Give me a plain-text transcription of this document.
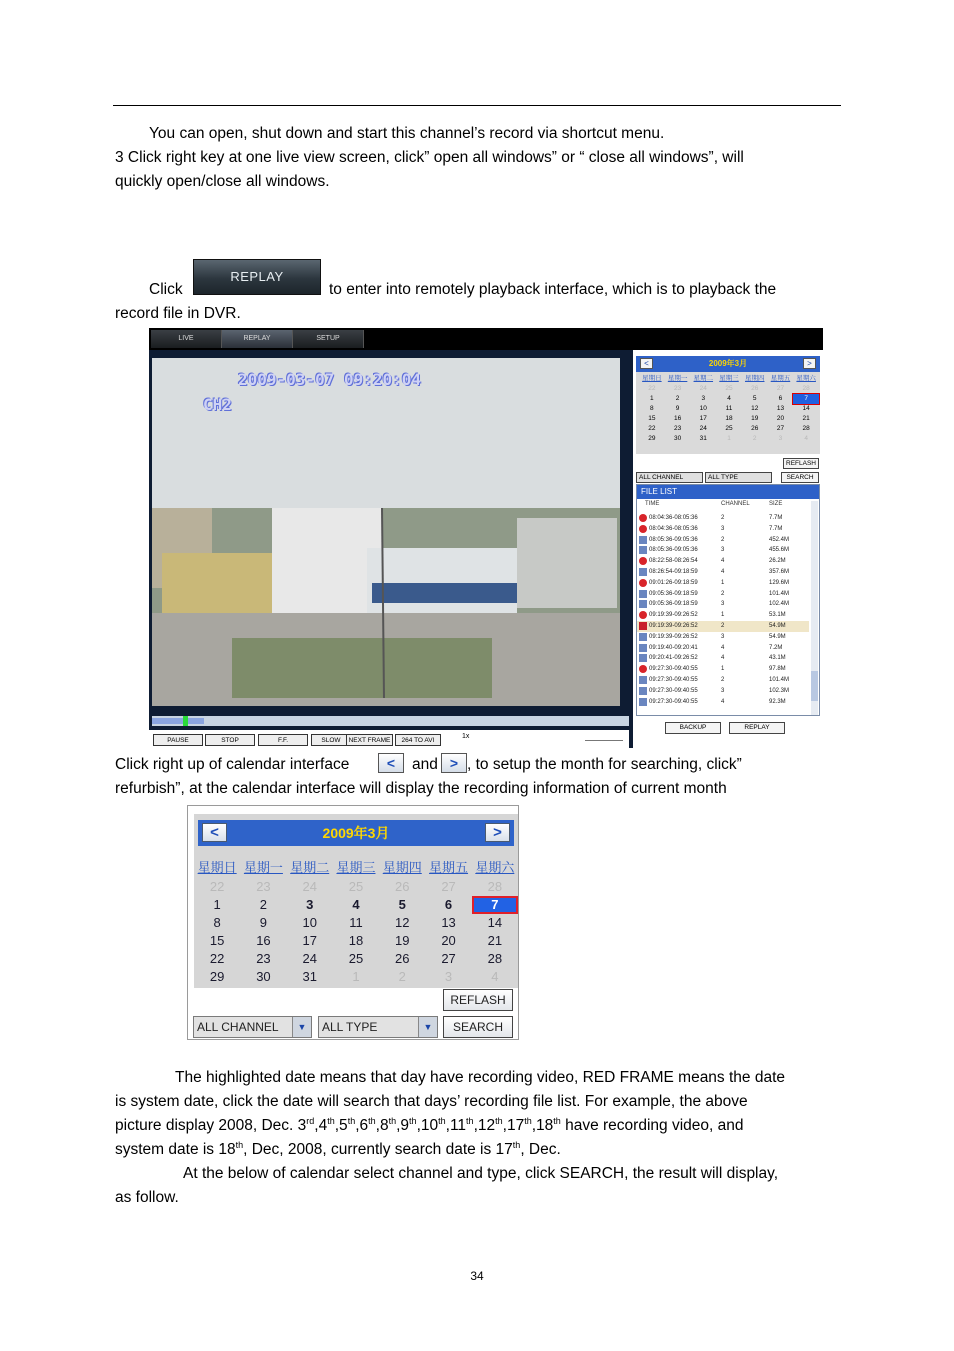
You can open, shut down and start this channel’s record via shortcut menu.
3 Click right key at one live view screen, click” open all windows” or “ close all windows”, will
quickly open/close all windows.
Click
REPLAY
to enter into remotely playback interface, which is to playback the
record file in DVR.
LIVE	REPLAY	SETUP
2009-03-07 09:20:04
CH2
PAUSE	STOP	F.F.	SLOW	NEXT FRAME	264 TO AVI
1x
<	2009年3月	>
星期日 星期一 星期二 星期三 星期四 星期五 星期六
22	23	24	25	26	27	28
1	2	3	4	5	6	7
8	9	10	11	12	13	14
15	16	17	18	19	20	21
22	23	24	25	26	27	28
29	30	31	1	2	3	4
REFLASH
ALL CHANNEL	ALL TYPE	SEARCH
FILE LIST
TIME	CHANNEL	SIZE
08:04:36-08:05:36	2	7.7M
08:04:36-08:05:36	3	7.7M
08:05:36-09:05:36	2	452.4M
08:05:36-09:05:36	3	455.6M
08:22:58-08:26:54	4	26.2M
08:26:54-09:18:59	4	357.6M
09:01:26-09:18:59	1	129.6M
09:05:36-09:18:59	2	101.4M
09:05:36-09:18:59	3	102.4M
09:19:39-09:26:52	1	53.1M
09:19:39-09:26:52	2	54.9M
09:19:39-09:26:52	3	54.9M
09:19:40-09:20:41	4	7.2M
09:20:41-09:26:52	4	43.1M
09:27:30-09:40:55	1	97.8M
09:27:30-09:40:55	2	101.4M
09:27:30-09:40:55	3	102.3M
09:27:30-09:40:55	4	92.3M
BACKUP	REPLAY
Click right up of calendar interface	<	and > , to setup the month for searching, click”
refurbish”, at the calendar interface will display the recording information of current month
<	2009年3月	>
星期日 星期一 星期二 星期三 星期四 星期五 星期六
22	23	24	25	26	27	28
1	2	3	4	5	6	7
8	9	10	11	12	13	14
15	16	17	18	19	20	21
22	23	24	25	26	27	28
29	30	31	1	2	3	4
REFLASH
ALL CHANNEL	▼	ALL TYPE	▼	SEARCH
The highlighted date means that day have recording video, RED FRAME means the date
is system date, click the date will search that days’ recording file list. For example, the above
picture display 2008, Dec. 3rd,4th,5th,6th,8th,9th,10th,11th,12th,17th,18th have recording video, and
system date is 18th, Dec, 2008, currently search date is 17th, Dec.
At the below of calendar select channel and type, click SEARCH, the result will display,
as follow.
34
